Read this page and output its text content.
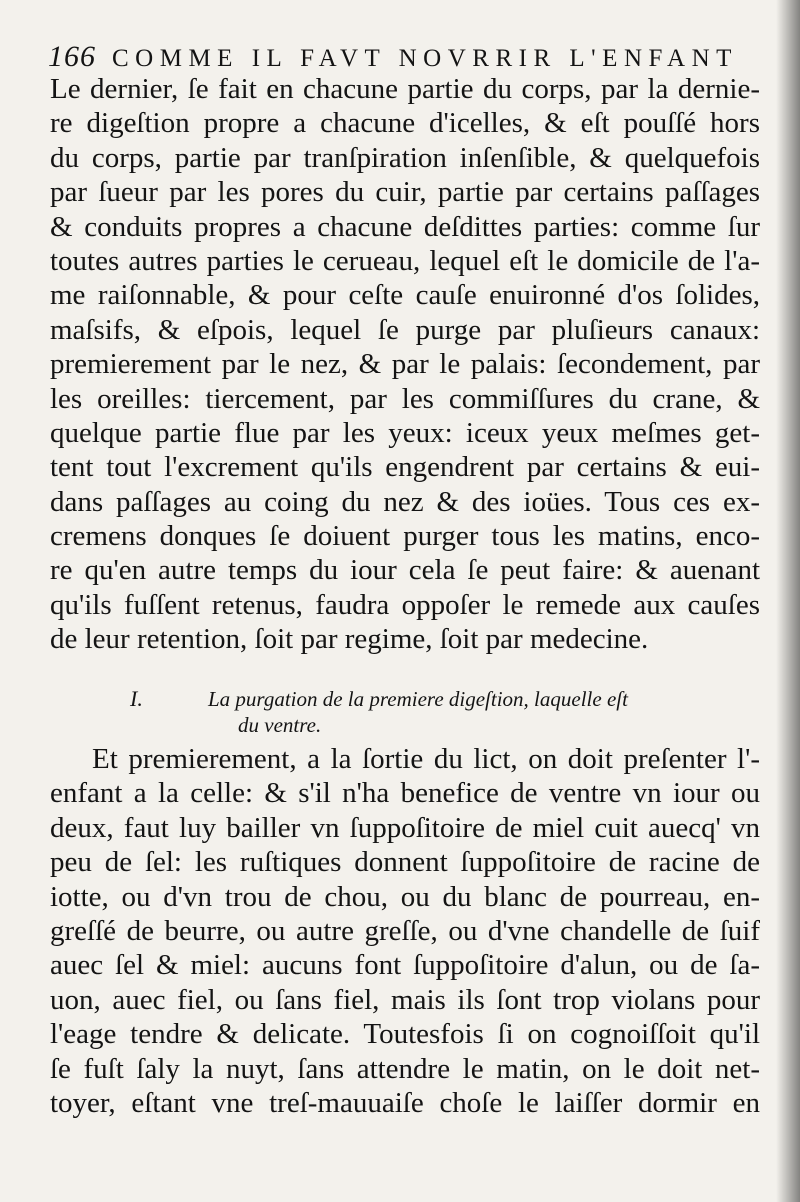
166 COMME IL FAVT NOVRRIR L'ENFANT
Le dernier, ſe fait en chacune partie du corps, par la dernie-
re digeſtion propre a chacune d'icelles, & eſt pouſſé hors
du corps, partie par tranſpiration inſenſible, & quelquefois
par ſueur par les pores du cuir, partie par certains paſſages
& conduits propres a chacune deſdittes parties: comme ſur
toutes autres parties le cerueau, lequel eſt le domicile de l'a-
me raiſonnable, & pour ceſte cauſe enuironné d'os ſolides,
maſsifs, & eſpois, lequel ſe purge par pluſieurs canaux:
premierement par le nez, & par le palais: ſecondement, par
les oreilles: tiercement, par les commiſſures du crane, &
quelque partie flue par les yeux: iceux yeux meſmes get-
tent tout l'excrement qu'ils engendrent par certains & eui-
dans paſſages au coing du nez & des ioües. Tous ces ex-
cremens donques ſe doiuent purger tous les matins, enco-
re qu'en autre temps du iour cela ſe peut faire: & auenant
qu'ils fuſſent retenus, faudra oppoſer le remede aux cauſes
de leur retention, ſoit par regime, ſoit par medecine.
I.	La purgation de la premiere digeſtion, laquelle eſt
du ventre.
Et premierement, a la ſortie du lict, on doit preſenter l'-
enfant a la celle: & s'il n'ha benefice de ventre vn iour ou
deux, faut luy bailler vn ſuppoſitoire de miel cuit auecq' vn
peu de ſel: les ruſtiques donnent ſuppoſitoire de racine de
iotte, ou d'vn trou de chou, ou du blanc de pourreau, en-
greſſé de beurre, ou autre greſſe, ou d'vne chandelle de ſuif
auec ſel & miel: aucuns font ſuppoſitoire d'alun, ou de ſa-
uon, auec fiel, ou ſans fiel, mais ils ſont trop violans pour
l'eage tendre & delicate. Toutesfois ſi on cognoiſſoit qu'il
ſe fuſt ſaly la nuyt, ſans attendre le matin, on le doit net-
toyer, eſtant vne treſ-mauuaiſe choſe le laiſſer dormir en
